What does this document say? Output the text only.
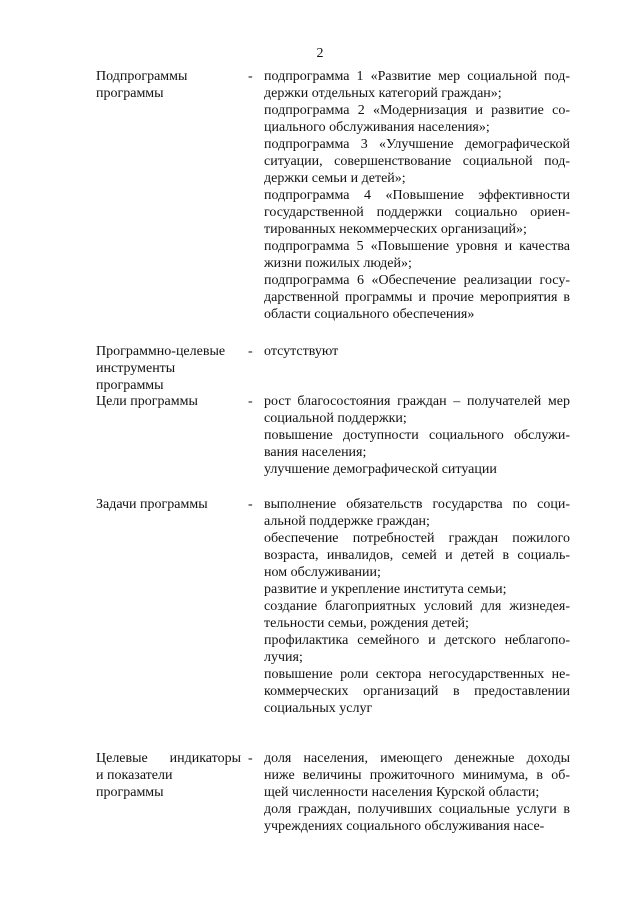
2
Подпрограммы
программы
- подпрограмма 1 «Развитие мер социальной под-
держки отдельных категорий граждан»;
подпрограмма 2 «Модернизация и развитие со-
циального обслуживания населения»;
подпрограмма 3 «Улучшение демографической
ситуации, совершенствование социальной под-
держки семьи и детей»;
подпрограмма 4 «Повышение эффективности
государственной поддержки социально ориен-
тированных некоммерческих организаций»;
подпрограмма 5 «Повышение уровня и качества
жизни пожилых людей»;
подпрограмма 6 «Обеспечение реализации госу-
дарственной программы и прочие мероприятия в
области социального обеспечения»
Программно-целевые
инструменты
программы
- отсутствуют
Цели программы	- рост благосостояния граждан – получателей мер
социальной поддержки;
повышение доступности социального обслужи-
вания населения;
улучшение демографической ситуации
Задачи программы	- выполнение обязательств государства по соци-
альной поддержке граждан;
обеспечение потребностей граждан пожилого
возраста, инвалидов, семей и детей в социаль-
ном обслуживании;
развитие и укрепление института семьи;
создание благоприятных условий для жизнедея-
тельности семьи, рождения детей;
профилактика семейного и детского неблагопо-
лучия;
повышение роли сектора негосударственных не-
коммерческих организаций в предоставлении
социальных услуг
Целевые индикаторы
и показатели
программы
- доля населения, имеющего денежные доходы
ниже величины прожиточного минимума, в об-
щей численности населения Курской области;
доля граждан, получивших социальные услуги в
учреждениях социального обслуживания насе-
